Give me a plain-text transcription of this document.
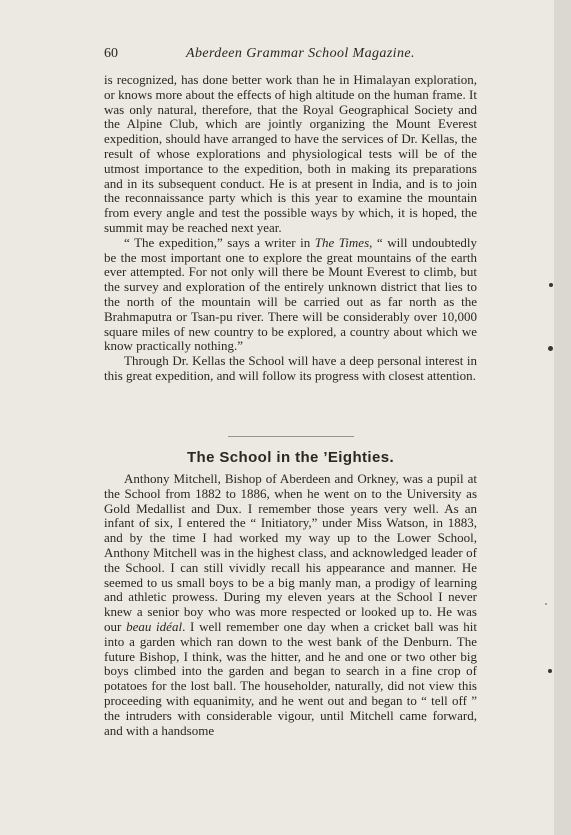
60	Aberdeen Grammar School Magazine.

is recognized, has done better work than he in Himalayan exploration, or knows more about the effects of high altitude on the human frame. It was only natural, therefore, that the Royal Geographical Society and the Alpine Club, which are jointly organizing the Mount Everest expedition, should have arranged to have the services of Dr. Kellas, the result of whose explorations and physiological tests will be of the utmost importance to the expedition, both in making its preparations and in its subsequent conduct. He is at present in India, and is to join the reconnaissance party which is this year to examine the mountain from every angle and test the possible ways by which, it is hoped, the summit may be reached next year.

“ The expedition,” says a writer in The Times, “ will undoubtedly be the most important one to explore the great mountains of the earth ever attempted. For not only will there be Mount Everest to climb, but the survey and exploration of the entirely unknown district that lies to the north of the mountain will be carried out as far north as the Brahmaputra or Tsan-pu river. There will be considerably over 10,000 square miles of new country to be explored, a country about which we know practically nothing.”

Through Dr. Kellas the School will have a deep personal interest in this great expedition, and will follow its progress with closest attention.

The School in the ’Eighties.

Anthony Mitchell, Bishop of Aberdeen and Orkney, was a pupil at the School from 1882 to 1886, when he went on to the University as Gold Medallist and Dux. I remember those years very well. As an infant of six, I entered the “ Initiatory,” under Miss Watson, in 1883, and by the time I had worked my way up to the Lower School, Anthony Mitchell was in the highest class, and acknowledged leader of the School. I can still vividly recall his appearance and manner. He seemed to us small boys to be a big manly man, a prodigy of learning and athletic prowess. During my eleven years at the School I never knew a senior boy who was more respected or looked up to. He was our beau idéal. I well remember one day when a cricket ball was hit into a garden which ran down to the west bank of the Denburn. The future Bishop, I think, was the hitter, and he and one or two other big boys climbed into the garden and began to search in a fine crop of potatoes for the lost ball. The householder, naturally, did not view this proceeding with equanimity, and he went out and began to “ tell off ” the intruders with considerable vigour, until Mitchell came forward, and with a handsome
